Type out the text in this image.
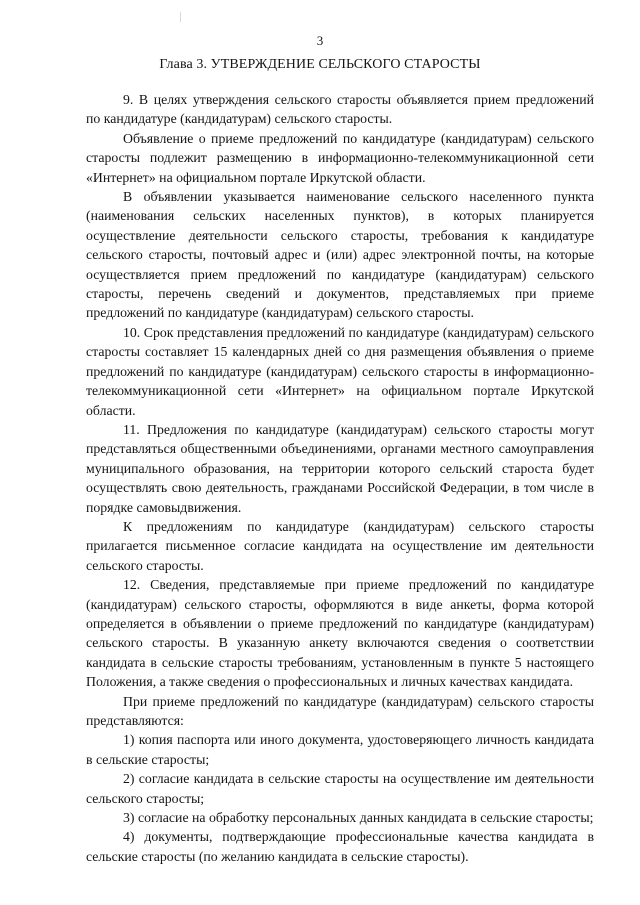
3
Глава 3. УТВЕРЖДЕНИЕ СЕЛЬСКОГО СТАРОСТЫ

9. В целях утверждения сельского старосты объявляется прием предложений по кандидатуре (кандидатурам) сельского старосты.

Объявление о приеме предложений по кандидатуре (кандидатурам) сельского старосты подлежит размещению в информационно-телекоммуникационной сети «Интернет» на официальном портале Иркутской области.

В объявлении указывается наименование сельского населенного пункта (наименования сельских населенных пунктов), в которых планируется осуществление деятельности сельского старосты, требования к кандидатуре сельского старосты, почтовый адрес и (или) адрес электронной почты, на которые осуществляется прием предложений по кандидатуре (кандидатурам) сельского старосты, перечень сведений и документов, представляемых при приеме предложений по кандидатуре (кандидатурам) сельского старосты.

10. Срок представления предложений по кандидатуре (кандидатурам) сельского старосты составляет 15 календарных дней со дня размещения объявления о приеме предложений по кандидатуре (кандидатурам) сельского старосты в информационно-телекоммуникационной сети «Интернет» на официальном портале Иркутской области.

11. Предложения по кандидатуре (кандидатурам) сельского старосты могут представляться общественными объединениями, органами местного самоуправления муниципального образования, на территории которого сельский староста будет осуществлять свою деятельность, гражданами Российской Федерации, в том числе в порядке самовыдвижения.

К предложениям по кандидатуре (кандидатурам) сельского старосты прилагается письменное согласие кандидата на осуществление им деятельности сельского старосты.

12. Сведения, представляемые при приеме предложений по кандидатуре (кандидатурам) сельского старосты, оформляются в виде анкеты, форма которой определяется в объявлении о приеме предложений по кандидатуре (кандидатурам) сельского старосты. В указанную анкету включаются сведения о соответствии кандидата в сельские старосты требованиям, установленным в пункте 5 настоящего Положения, а также сведения о профессиональных и личных качествах кандидата.

При приеме предложений по кандидатуре (кандидатурам) сельского старосты представляются:

1) копия паспорта или иного документа, удостоверяющего личность кандидата в сельские старосты;

2) согласие кандидата в сельские старосты на осуществление им деятельности сельского старосты;

3) согласие на обработку персональных данных кандидата в сельские старосты;

4) документы, подтверждающие профессиональные качества кандидата в сельские старосты (по желанию кандидата в сельские старосты).
